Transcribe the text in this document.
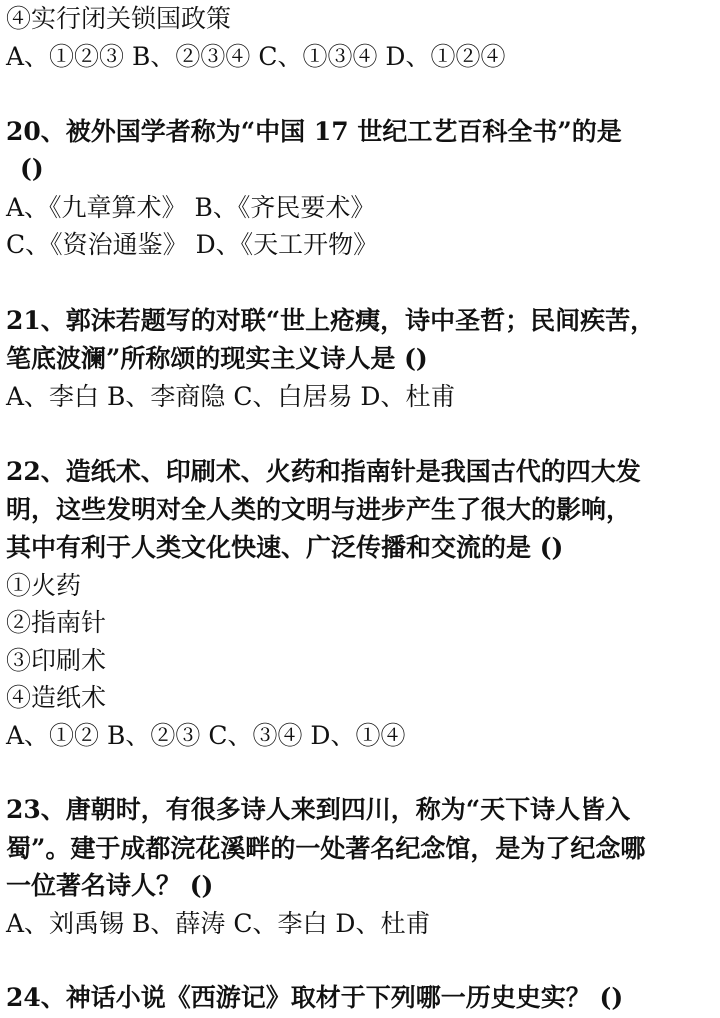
④实行闭关锁国政策
A、①②③ B、②③④ C、①③④ D、①②④
20、被外国学者称为“中国 17 世纪工艺百科全书”的是
()
A、《九章算术》 B、《齐民要术》
C、《资治通鉴》 D、《天工开物》
21、郭沫若题写的对联“世上疮痍，诗中圣哲；民间疾苦，
笔底波澜”所称颂的现实主义诗人是 ()
A、李白 B、李商隐 C、白居易 D、杜甫
22、造纸术、印刷术、火药和指南针是我国古代的四大发
明，这些发明对全人类的文明与进步产生了很大的影响，
其中有利于人类文化快速、广泛传播和交流的是 ()
①火药
②指南针
③印刷术
④造纸术
A、①② B、②③ C、③④ D、①④
23、唐朝时，有很多诗人来到四川，称为“天下诗人皆入
蜀”。建于成都浣花溪畔的一处著名纪念馆，是为了纪念哪
一位著名诗人？ ()
A、刘禹锡 B、薛涛 C、李白 D、杜甫
24、神话小说《西游记》取材于下列哪一历史史实？ ()
